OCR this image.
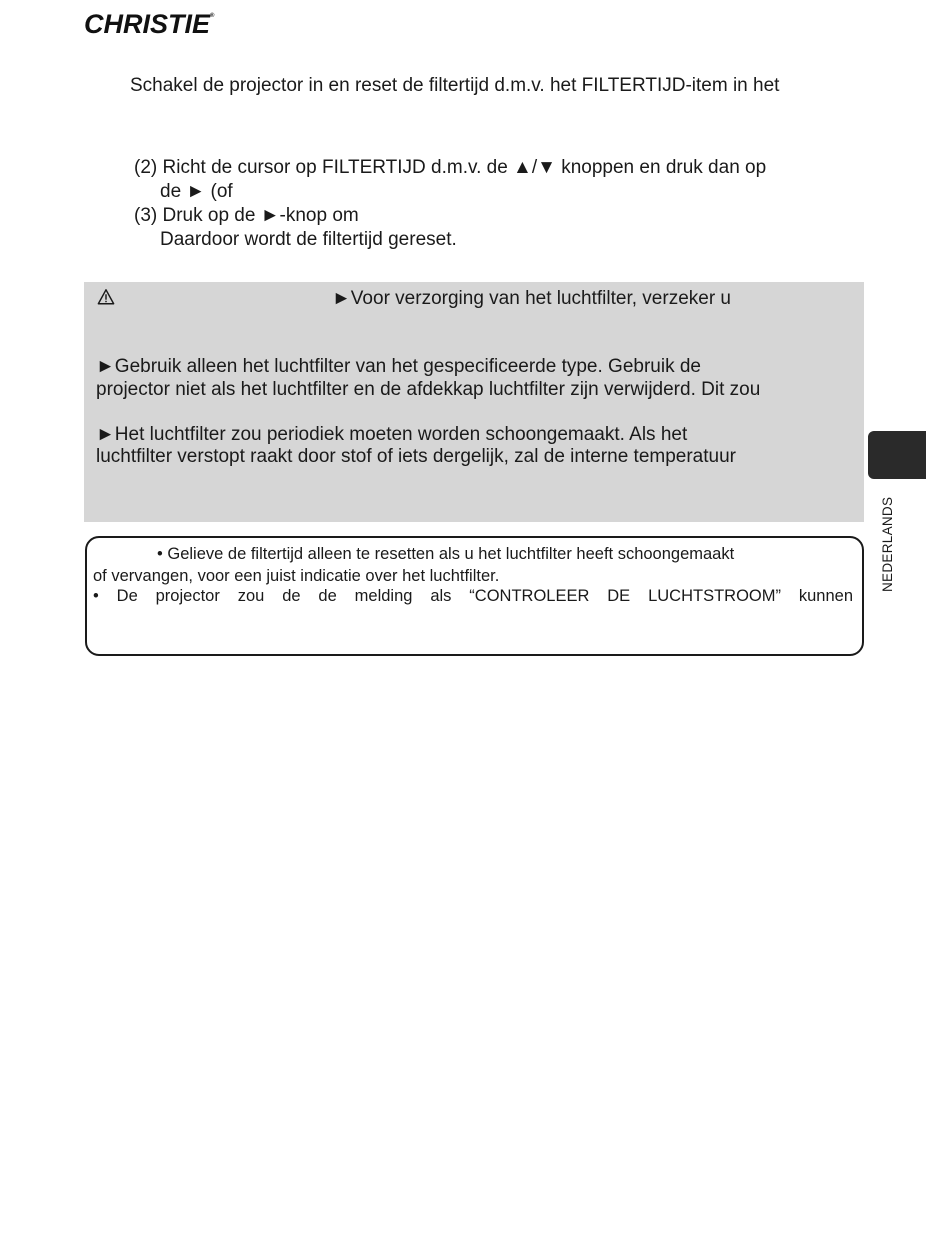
CHRISTIE®
Schakel de projector in en reset de filtertijd d.m.v. het FILTERTIJD-item in het
(2) Richt de cursor op FILTERTIJD d.m.v. de ▲/▼ knoppen en druk dan op
de ► (of
(3) Druk op de ►-knop om
Daardoor wordt de filtertijd gereset.
►Voor verzorging van het luchtfilter, verzeker u
►Gebruik alleen het luchtfilter van het gespecificeerde type. Gebruik de
projector niet als het luchtfilter en de afdekkap luchtfilter zijn verwijderd. Dit zou
►Het luchtfilter zou periodiek moeten worden schoongemaakt. Als het
luchtfilter verstopt raakt door stof of iets dergelijk, zal de interne temperatuur
• Gelieve de filtertijd alleen te resetten als u het luchtfilter heeft schoongemaakt
of vervangen, voor een juist indicatie over het luchtfilter.
• De projector zou de de melding als “CONTROLEER DE LUCHTSTROOM” kunnen
NEDERLANDS
